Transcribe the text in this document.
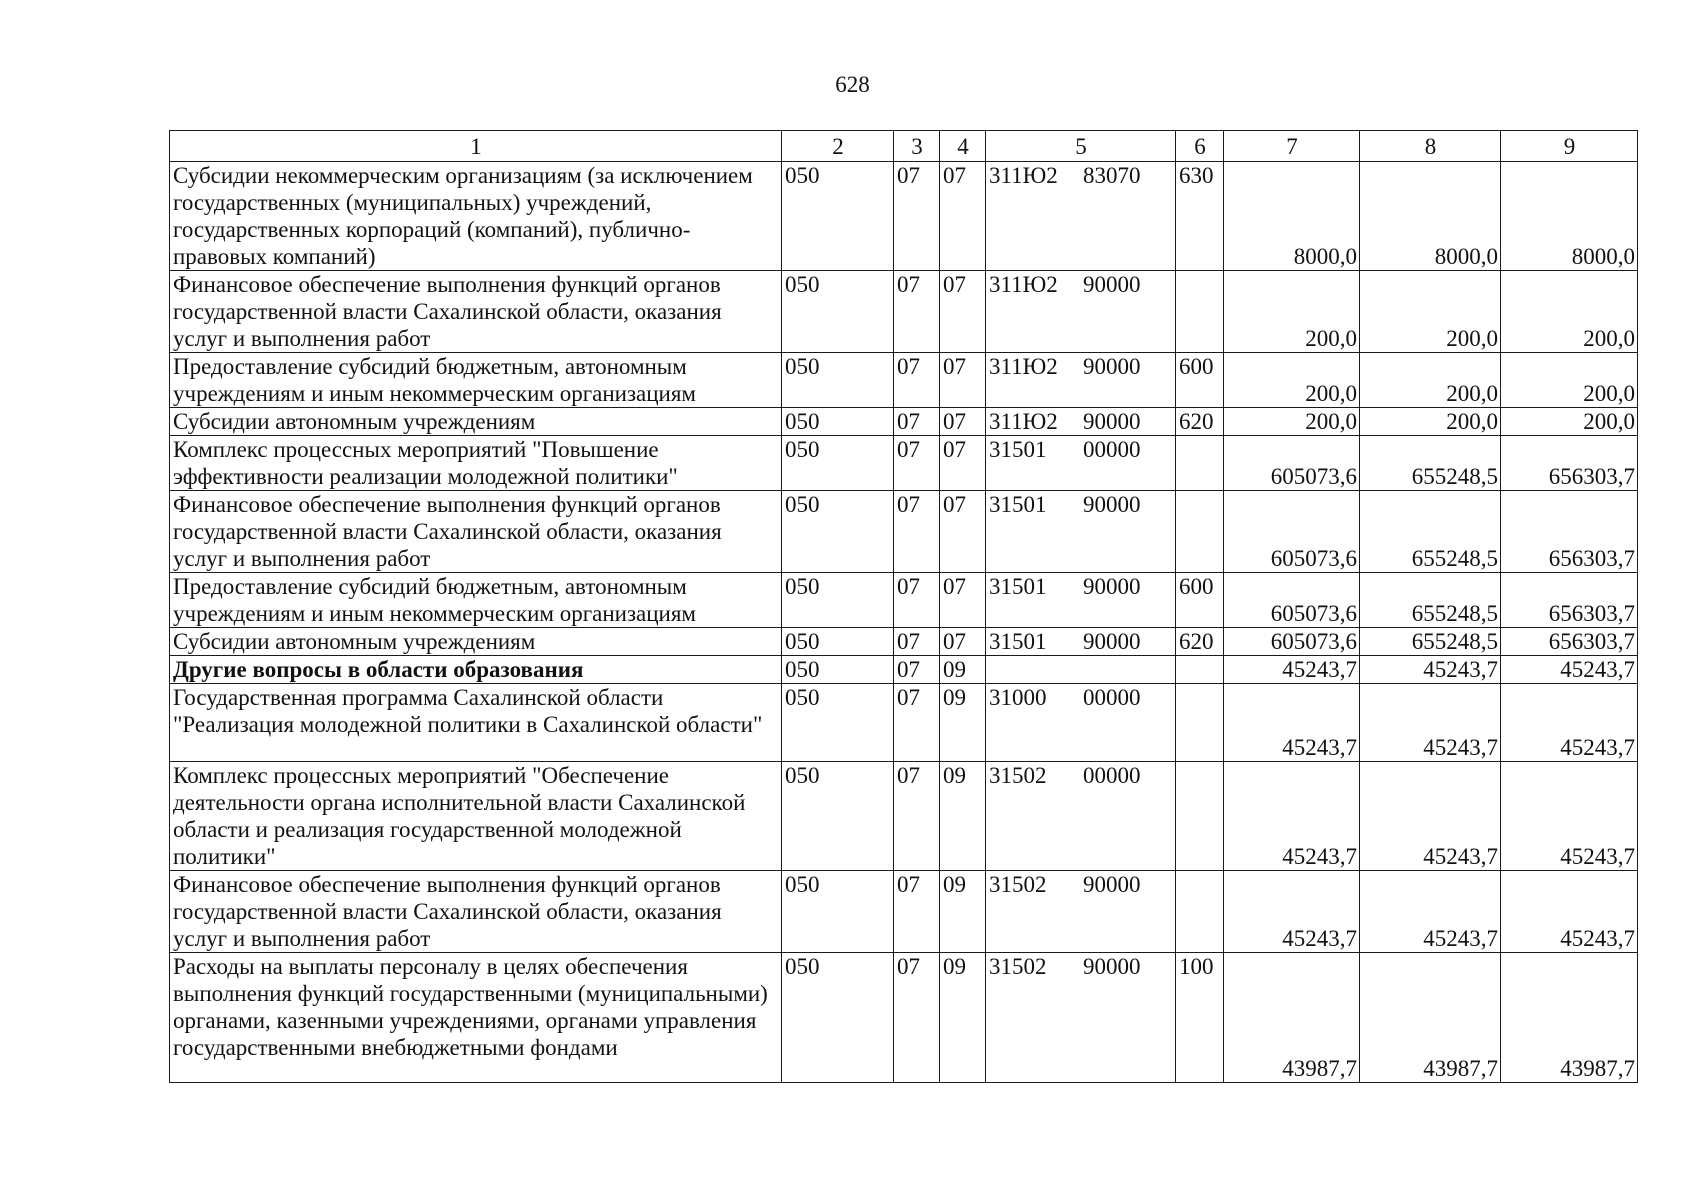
628
1	2	3	4	5	6	7	8	9
Субсидии некоммерческим организациям (за исключением государственных (муниципальных) учреждений, государственных корпораций (компаний), публично-правовых компаний)	050	07	07	311Ю2 83070	630	8000,0	8000,0	8000,0
Финансовое обеспечение выполнения функций органов государственной власти Сахалинской области, оказания услуг и выполнения работ	050	07	07	311Ю2 90000		200,0	200,0	200,0
Предоставление субсидий бюджетным, автономным учреждениям и иным некоммерческим организациям	050	07	07	311Ю2 90000	600	200,0	200,0	200,0
Субсидии автономным учреждениям	050	07	07	311Ю2 90000	620	200,0	200,0	200,0
Комплекс процессных мероприятий "Повышение эффективности реализации молодежной политики"	050	07	07	31501 00000		605073,6	655248,5	656303,7
Финансовое обеспечение выполнения функций органов государственной власти Сахалинской области, оказания услуг и выполнения работ	050	07	07	31501 90000		605073,6	655248,5	656303,7
Предоставление субсидий бюджетным, автономным учреждениям и иным некоммерческим организациям	050	07	07	31501 90000	600	605073,6	655248,5	656303,7
Субсидии автономным учреждениям	050	07	07	31501 90000	620	605073,6	655248,5	656303,7
Другие вопросы в области образования	050	07	09			45243,7	45243,7	45243,7
Государственная программа Сахалинской области "Реализация молодежной политики в Сахалинской области"	050	07	09	31000 00000		45243,7	45243,7	45243,7
Комплекс процессных мероприятий "Обеспечение деятельности органа исполнительной власти Сахалинской области и реализация государственной молодежной политики"	050	07	09	31502 00000		45243,7	45243,7	45243,7
Финансовое обеспечение выполнения функций органов государственной власти Сахалинской области, оказания услуг и выполнения работ	050	07	09	31502 90000		45243,7	45243,7	45243,7
Расходы на выплаты персоналу в целях обеспечения выполнения функций государственными (муниципальными) органами, казенными учреждениями, органами управления государственными внебюджетными фондами	050	07	09	31502 90000	100	43987,7	43987,7	43987,7
